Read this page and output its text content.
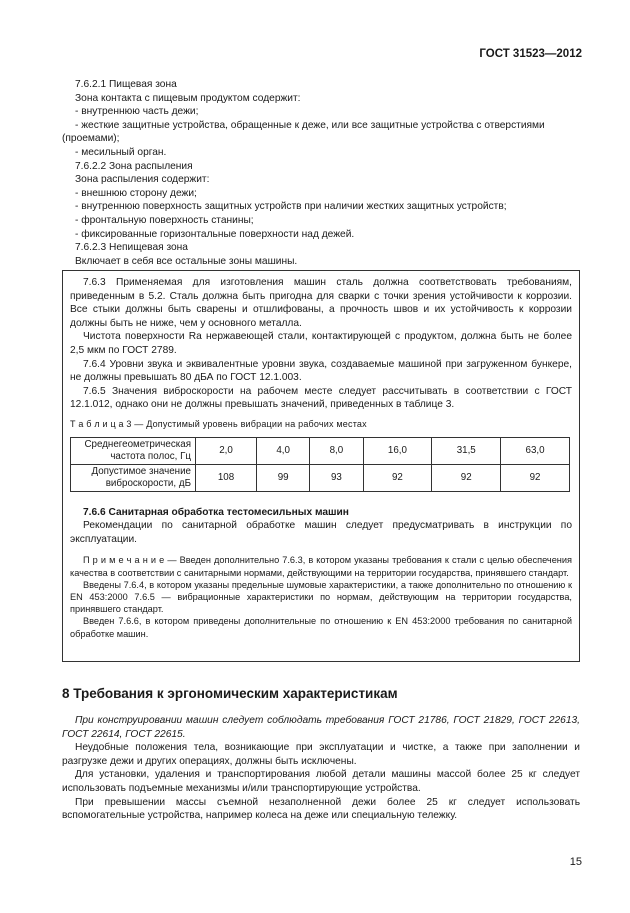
ГОСТ 31523—2012

7.6.2.1 Пищевая зона

Зона контакта с пищевым продуктом содержит:

- внутреннюю часть дежи;

- жесткие защитные устройства, обращенные к деже, или все защитные устройства с отверстиями

(проемами);

- месильный орган.

7.6.2.2 Зона распыления

Зона распыления содержит:

- внешнюю сторону дежи;

- внутреннюю поверхность защитных устройств при наличии жестких защитных устройств;

- фронтальную поверхность станины;

- фиксированные горизонтальные поверхности над дежей.

7.6.2.3 Непищевая зона

Включает в себя все остальные зоны машины.

7.6.3 Применяемая для изготовления машин сталь должна соответствовать требованиям, приведенным в 5.2. Сталь должна быть пригодна для сварки с точки зрения устойчивости к коррозии. Все стыки должны быть сварены и отшлифованы, а прочность швов и их устойчивость к коррозии должны быть не ниже, чем у основного металла.

Чистота поверхности Ra нержавеющей стали, контактирующей с продуктом, должна быть не более 2,5 мкм по ГОСТ 2789.

7.6.4 Уровни звука и эквивалентные уровни звука, создаваемые машиной при загруженном бункере, не должны превышать 80 дБА по ГОСТ 12.1.003.

7.6.5 Значения виброскорости на рабочем месте следует рассчитывать в соответствии с ГОСТ 12.1.012, однако они не должны превышать значений, приведенных в таблице 3.

Т а б л и ц а 3 — Допустимый уровень вибрации на рабочих местах

Среднегеометрическая частота полос, Гц	2,0	4,0	8,0	16,0	31,5	63,0
Допустимое значение виброскорости, дБ	108	99	93	92	92	92

7.6.6 Санитарная обработка тестомесильных машин

Рекомендации по санитарной обработке машин следует предусматривать в инструкции по эксплуатации.

П р и м е ч а н и е — Введен дополнительно 7.6.3, в котором указаны требования к стали с целью обеспечения качества в соответствии с санитарными нормами, действующими на территории государства, принявшего стандарт.

Введены 7.6.4, в котором указаны предельные шумовые характеристики, а также дополнительно по отношению к EN 453:2000 7.6.5 — вибрационные характеристики по нормам, действующим на территории государства, принявшего стандарт.

Введен 7.6.6, в котором приведены дополнительные по отношению к EN 453:2000 требования по санитарной обработке машин.

8 Требования к эргономическим характеристикам

При конструировании машин следует соблюдать требования ГОСТ 21786, ГОСТ 21829, ГОСТ 22613, ГОСТ 22614, ГОСТ 22615.

Неудобные положения тела, возникающие при эксплуатации и чистке, а также при заполнении и разгрузке дежи и других операциях, должны быть исключены.

Для установки, удаления и транспортирования любой детали машины массой более 25 кг следует использовать подъемные механизмы и/или транспортирующие устройства.

При превышении массы съемной незаполненной дежи более 25 кг следует использовать вспомогательные устройства, например колеса на деже или специальную тележку.

15
